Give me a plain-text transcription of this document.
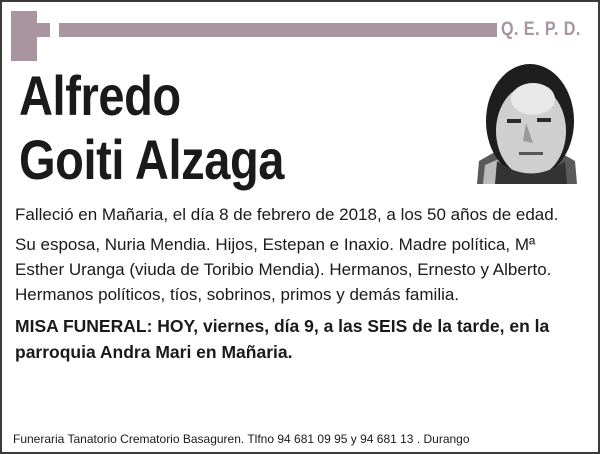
Q. E. P. D.
Alfredo
Goiti Alzaga

Falleció en Mañaria, el día 8 de febrero de 2018, a los 50 años de edad.

Su esposa, Nuria Mendia. Hijos, Estepan e Inaxio. Madre política, Mª Esther Uranga (viuda de Toribio Mendia). Hermanos, Ernesto y Alberto. Hermanos políticos, tíos, sobrinos, primos y demás familia.

MISA FUNERAL: HOY, viernes, día 9, a las SEIS de la tarde, en la parroquia Andra Mari en Mañaria.

Funeraria Tanatorio Crematorio Basaguren. Tlfno 94 681 09 95 y 94 681 13 . Durango
